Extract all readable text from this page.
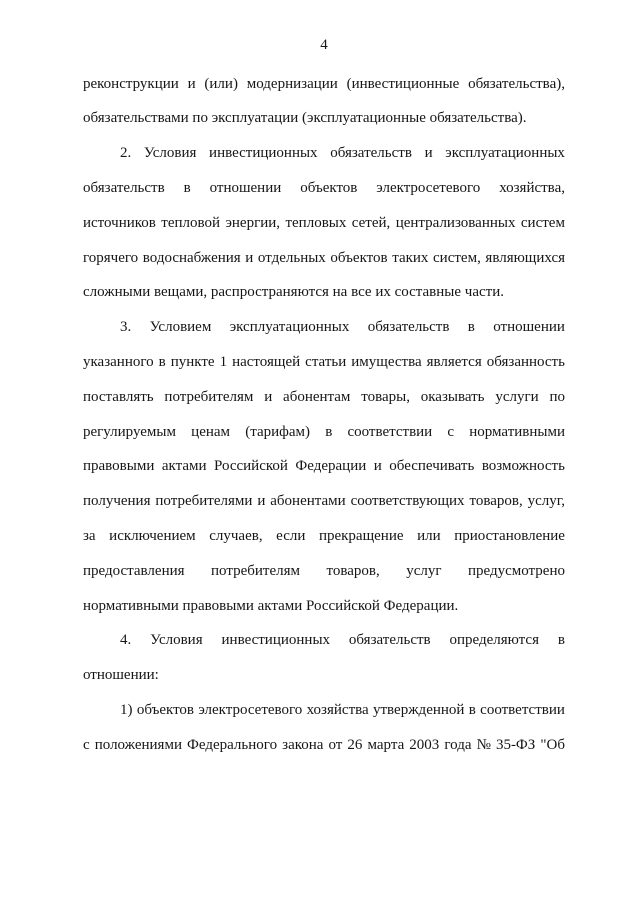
4
реконструкции и (или) модернизации (инвестиционные обязательства),
обязательствами по эксплуатации (эксплуатационные обязательства).
2. Условия инвестиционных обязательств и эксплуатационных
обязательств в отношении объектов электросетевого хозяйства,
источников тепловой энергии, тепловых сетей, централизованных систем
горячего водоснабжения и отдельных объектов таких систем, являющихся
сложными вещами, распространяются на все их составные части.
3. Условием эксплуатационных обязательств в отношении
указанного в пункте 1 настоящей статьи имущества является обязанность
поставлять потребителям и абонентам товары, оказывать услуги по
регулируемым ценам (тарифам) в соответствии с нормативными
правовыми актами Российской Федерации и обеспечивать возможность
получения потребителями и абонентами соответствующих товаров, услуг,
за исключением случаев, если прекращение или приостановление
предоставления потребителям товаров, услуг предусмотрено
нормативными правовыми актами Российской Федерации.
4. Условия инвестиционных обязательств определяются в
отношении:
1) объектов электросетевого хозяйства утвержденной в соответствии
с положениями Федерального закона от 26 марта 2003 года № 35-ФЗ "Об
